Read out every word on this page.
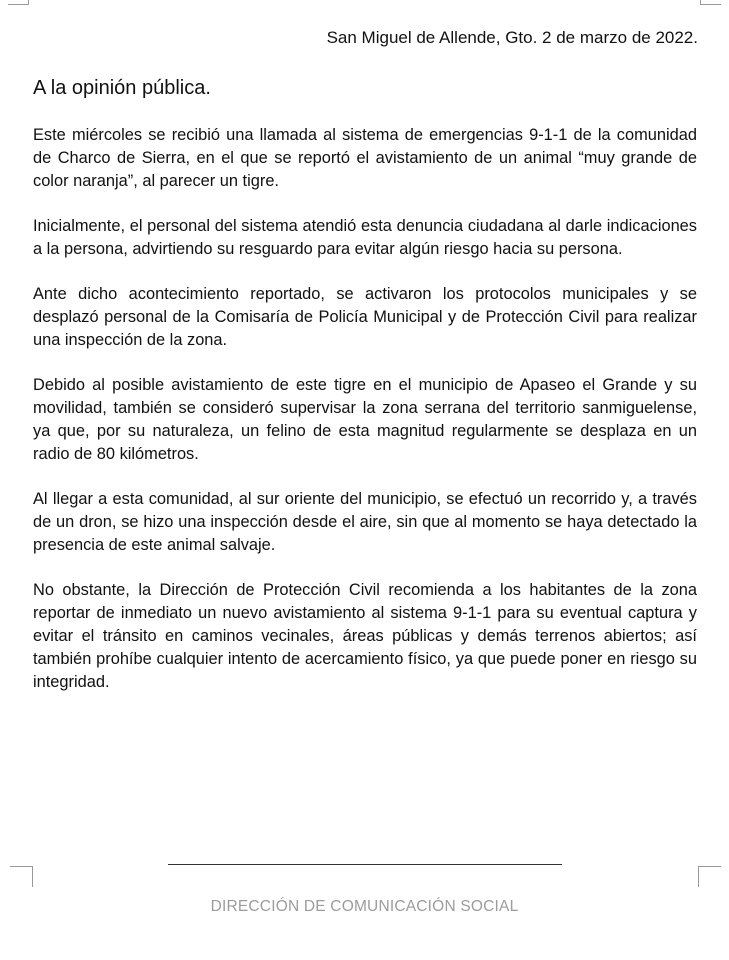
San Miguel de Allende, Gto. 2 de marzo de 2022.
A la opinión pública.

Este miércoles se recibió una llamada al sistema de emergencias 9-1-1 de la comunidad de Charco de Sierra, en el que se reportó el avistamiento de un animal “muy grande de color naranja”, al parecer un tigre.

Inicialmente, el personal del sistema atendió esta denuncia ciudadana al darle indicaciones a la persona, advirtiendo su resguardo para evitar algún riesgo hacia su persona.

Ante dicho acontecimiento reportado, se activaron los protocolos municipales y se desplazó personal de la Comisaría de Policía Municipal y de Protección Civil para realizar una inspección de la zona.

Debido al posible avistamiento de este tigre en el municipio de Apaseo el Grande y su movilidad, también se consideró supervisar la zona serrana del territorio sanmiguelense, ya que, por su naturaleza, un felino de esta magnitud regularmente se desplaza en un radio de 80 kilómetros.

Al llegar a esta comunidad, al sur oriente del municipio, se efectuó un recorrido y, a través de un dron, se hizo una inspección desde el aire, sin que al momento se haya detectado la presencia de este animal salvaje.

No obstante, la Dirección de Protección Civil recomienda a los habitantes de la zona reportar de inmediato un nuevo avistamiento al sistema 9-1-1 para su eventual captura y evitar el tránsito en caminos vecinales, áreas públicas y demás terrenos abiertos; así también prohíbe cualquier intento de acercamiento físico, ya que puede poner en riesgo su integridad.

DIRECCIÓN DE COMUNICACIÓN SOCIAL
